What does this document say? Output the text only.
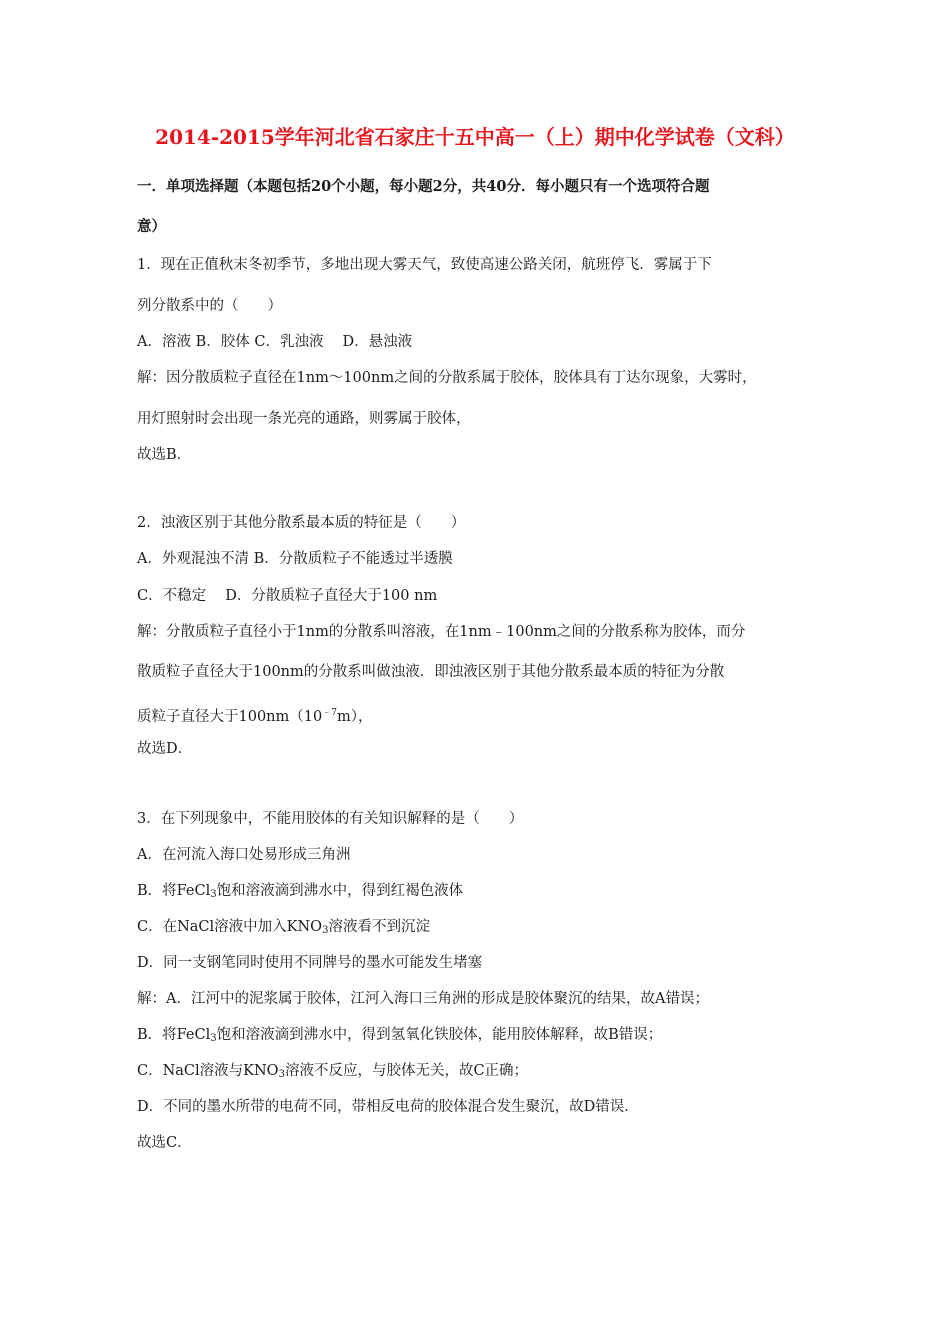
2014-2015学年河北省石家庄十五中高一（上）期中化学试卷（文科）
一．单项选择题（本题包括20个小题，每小题2分，共40分．每小题只有一个选项符合题
意）
1．现在正值秋末冬初季节，多地出现大雾天气，致使高速公路关闭，航班停飞．雾属于下
列分散系中的（　　）
A．溶液 B．胶体 C．乳浊液　 D．悬浊液
解：因分散质粒子直径在1nm～100nm之间的分散系属于胶体，胶体具有丁达尔现象，大雾时，
用灯照射时会出现一条光亮的通路，则雾属于胶体，
故选B．
2．浊液区别于其他分散系最本质的特征是（　　）
A．外观混浊不清 B．分散质粒子不能透过半透膜
C．不稳定　 D．分散质粒子直径大于100 nm
解：分散质粒子直径小于1nm的分散系叫溶液，在1nm﹣100nm之间的分散系称为胶体，而分
散质粒子直径大于100nm的分散系叫做浊液．即浊液区别于其他分散系最本质的特征为分散
质粒子直径大于$100nm(10^{﹣7}m)$，
故选D．
3．在下列现象中，不能用胶体的有关知识解释的是（　　）
A．在河流入海口处易形成三角洲
B．将FeCl$_3$饱和溶液滴到沸水中，得到红褐色液体
C．在NaCl溶液中加入$KNO_3$溶液看不到沉淀
D．同一支钢笔同时使用不同牌号的墨水可能发生堵塞
解：A．江河中的泥浆属于胶体，江河入海口三角洲的形成是胶体聚沉的结果，故A错误；
B．将FeCl$_3$饱和溶液滴到沸水中，得到氢氧化铁胶体，能用胶体解释，故B错误；
C．NaCl溶液与$KNO_3$溶液不反应，与胶体无关，故C正确；
D．不同的墨水所带的电荷不同，带相反电荷的胶体混合发生聚沉，故D错误．
故选C．
